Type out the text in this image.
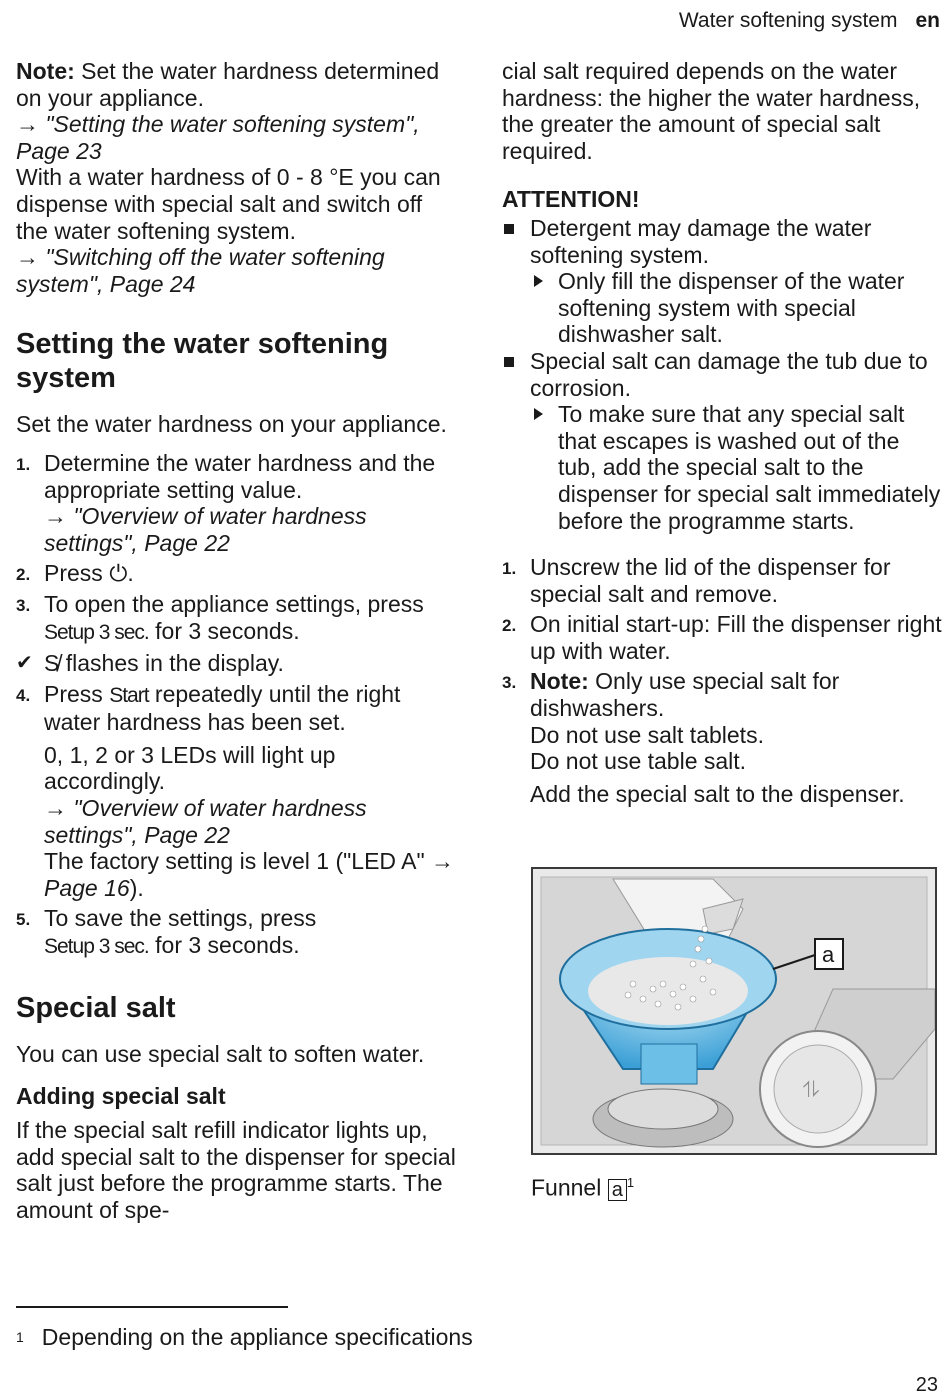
Water softening system en

Note: Set the water hardness determined on your appliance.

→ "Setting the water softening system", Page 23

With a water hardness of 0 - 8 °E you can dispense with special salt and switch off the water softening system.

→ "Switching off the water softening system", Page 24

Setting the water softening system

Set the water hardness on your appliance.

1. Determine the water hardness and the appropriate setting value.
→ "Overview of water hardness settings", Page 22
2. Press ⏻.
3. To open the appliance settings, press Setup 3 sec. for 3 seconds.
✔ S̸ flashes in the display.
4. Press Start repeatedly until the right water hardness has been set.

0, 1, 2 or 3 LEDs will light up accordingly.

→ "Overview of water hardness settings", Page 22

The factory setting is level 1 ("LED A" → Page 16).

5. To save the settings, press
Setup 3 sec. for 3 seconds.
Special salt

You can use special salt to soften water.

Adding special salt

If the special salt refill indicator lights up, add special salt to the dispenser for special salt just before the programme starts. The amount of spe-

cial salt required depends on the water hardness: the higher the water hardness, the greater the amount of special salt required.

ATTENTION!

Detergent may damage the water softening system.
Only fill the dispenser of the water softening system with special dishwasher salt.
Special salt can damage the tub due to corrosion.
To make sure that any special salt that escapes is washed out of the tub, add the special salt to the dispenser for special salt immediately before the programme starts.
1. Unscrew the lid of the dispenser for special salt and remove.
2. On initial start-up: Fill the dispenser right up with water.
3. Note: Only use special salt for dishwashers.
Do not use salt tablets.
Do not use table salt.

Add the special salt to the dispenser.

⥮
a
Funnel a $^1$
$^1$ Depending on the appliance specifications
23
